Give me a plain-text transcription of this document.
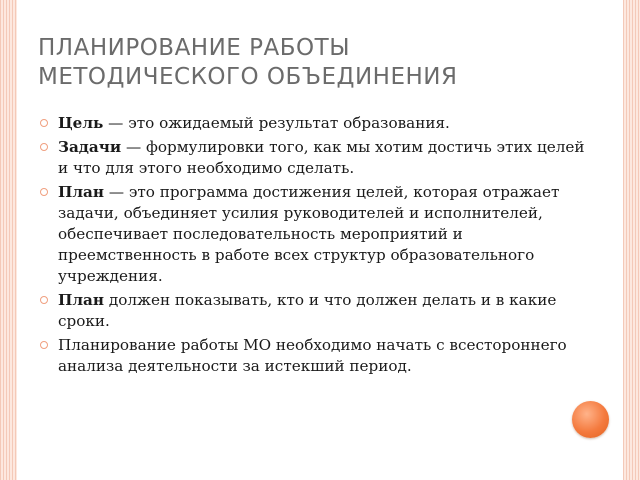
ПЛАНИРОВАНИЕ РАБОТЫ
МЕТОДИЧЕСКОГО ОБЪЕДИНЕНИЯ
Цель — это ожидаемый результат образования.
Задачи — формулировки того, как мы хотим достичь этих целей и что для этого необходимо сделать.
План — это программа достижения целей, которая отражает задачи, объединяет усилия руководителей и исполнителей, обеспечивает последовательность мероприятий и преемственность в работе всех структур образовательного учреждения.
План должен показывать, кто и что должен делать и в какие сроки.
Планирование работы МО необходимо начать с всестороннего анализа деятельности за истекший период.
